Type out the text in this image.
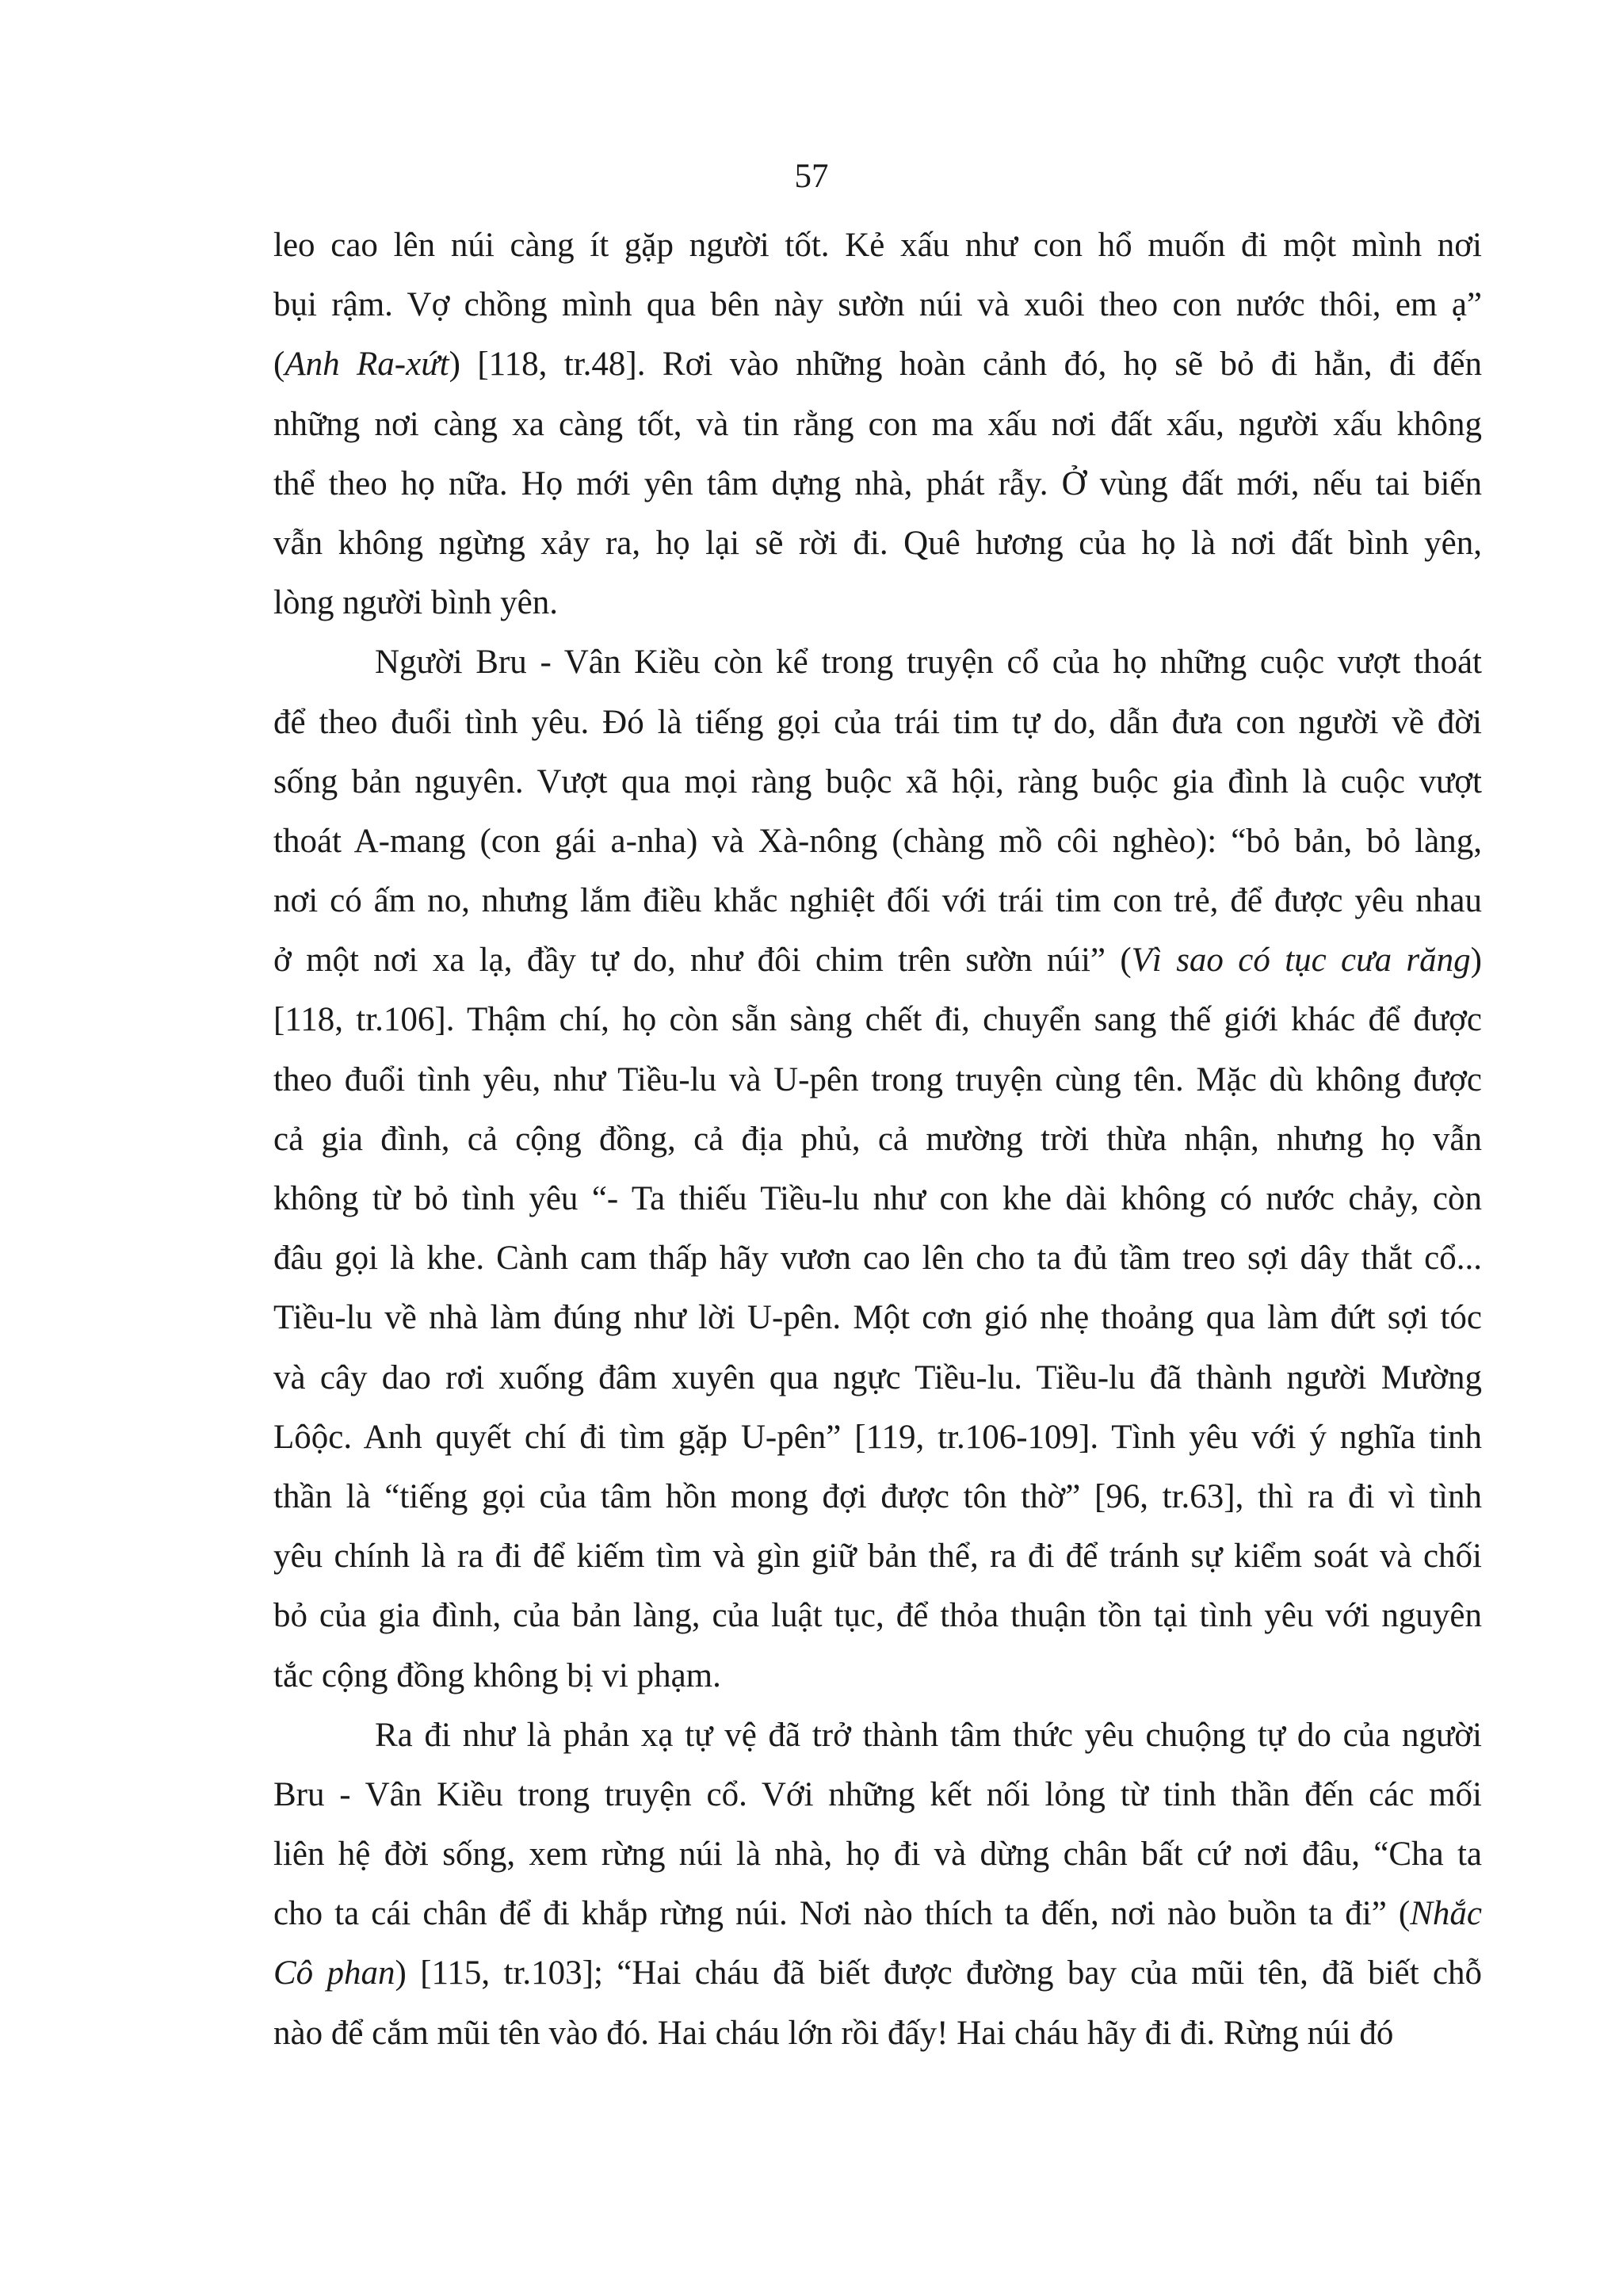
57
leo cao lên núi càng ít gặp người tốt. Kẻ xấu như con hổ muốn đi một mình nơi
bụi rậm. Vợ chồng mình qua bên này sườn núi và xuôi theo con nước thôi, em ạ”
(Anh Ra-xứt) [118, tr.48]. Rơi vào những hoàn cảnh đó, họ sẽ bỏ đi hẳn, đi đến
những nơi càng xa càng tốt, và tin rằng con ma xấu nơi đất xấu, người xấu không
thể theo họ nữa. Họ mới yên tâm dựng nhà, phát rẫy. Ở vùng đất mới, nếu tai biến
vẫn không ngừng xảy ra, họ lại sẽ rời đi. Quê hương của họ là nơi đất bình yên,
lòng người bình yên.
Người Bru - Vân Kiều còn kể trong truyện cổ của họ những cuộc vượt thoát
để theo đuổi tình yêu. Đó là tiếng gọi của trái tim tự do, dẫn đưa con người về đời
sống bản nguyên. Vượt qua mọi ràng buộc xã hội, ràng buộc gia đình là cuộc vượt
thoát A-mang (con gái a-nha) và Xà-nông (chàng mồ côi nghèo): “bỏ bản, bỏ làng,
nơi có ấm no, nhưng lắm điều khắc nghiệt đối với trái tim con trẻ, để được yêu nhau
ở một nơi xa lạ, đầy tự do, như đôi chim trên sườn núi” (Vì sao có tục cưa răng)
[118, tr.106]. Thậm chí, họ còn sẵn sàng chết đi, chuyển sang thế giới khác để được
theo đuổi tình yêu, như Tiều-lu và U-pên trong truyện cùng tên. Mặc dù không được
cả gia đình, cả cộng đồng, cả địa phủ, cả mường trời thừa nhận, nhưng họ vẫn
không từ bỏ tình yêu “- Ta thiếu Tiều-lu như con khe dài không có nước chảy, còn
đâu gọi là khe. Cành cam thấp hãy vươn cao lên cho ta đủ tầm treo sợi dây thắt cổ...
Tiều-lu về nhà làm đúng như lời U-pên. Một cơn gió nhẹ thoảng qua làm đứt sợi tóc
và cây dao rơi xuống đâm xuyên qua ngực Tiều-lu. Tiều-lu đã thành người Mường
Lôộc. Anh quyết chí đi tìm gặp U-pên” [119, tr.106-109]. Tình yêu với ý nghĩa tinh
thần là “tiếng gọi của tâm hồn mong đợi được tôn thờ” [96, tr.63], thì ra đi vì tình
yêu chính là ra đi để kiếm tìm và gìn giữ bản thể, ra đi để tránh sự kiểm soát và chối
bỏ của gia đình, của bản làng, của luật tục, để thỏa thuận tồn tại tình yêu với nguyên
tắc cộng đồng không bị vi phạm.
Ra đi như là phản xạ tự vệ đã trở thành tâm thức yêu chuộng tự do của người
Bru - Vân Kiều trong truyện cổ. Với những kết nối lỏng từ tinh thần đến các mối
liên hệ đời sống, xem rừng núi là nhà, họ đi và dừng chân bất cứ nơi đâu, “Cha ta
cho ta cái chân để đi khắp rừng núi. Nơi nào thích ta đến, nơi nào buồn ta đi” (Nhắc
Cô phan) [115, tr.103]; “Hai cháu đã biết được đường bay của mũi tên, đã biết chỗ
nào để cắm mũi tên vào đó. Hai cháu lớn rồi đấy! Hai cháu hãy đi đi. Rừng núi đó
